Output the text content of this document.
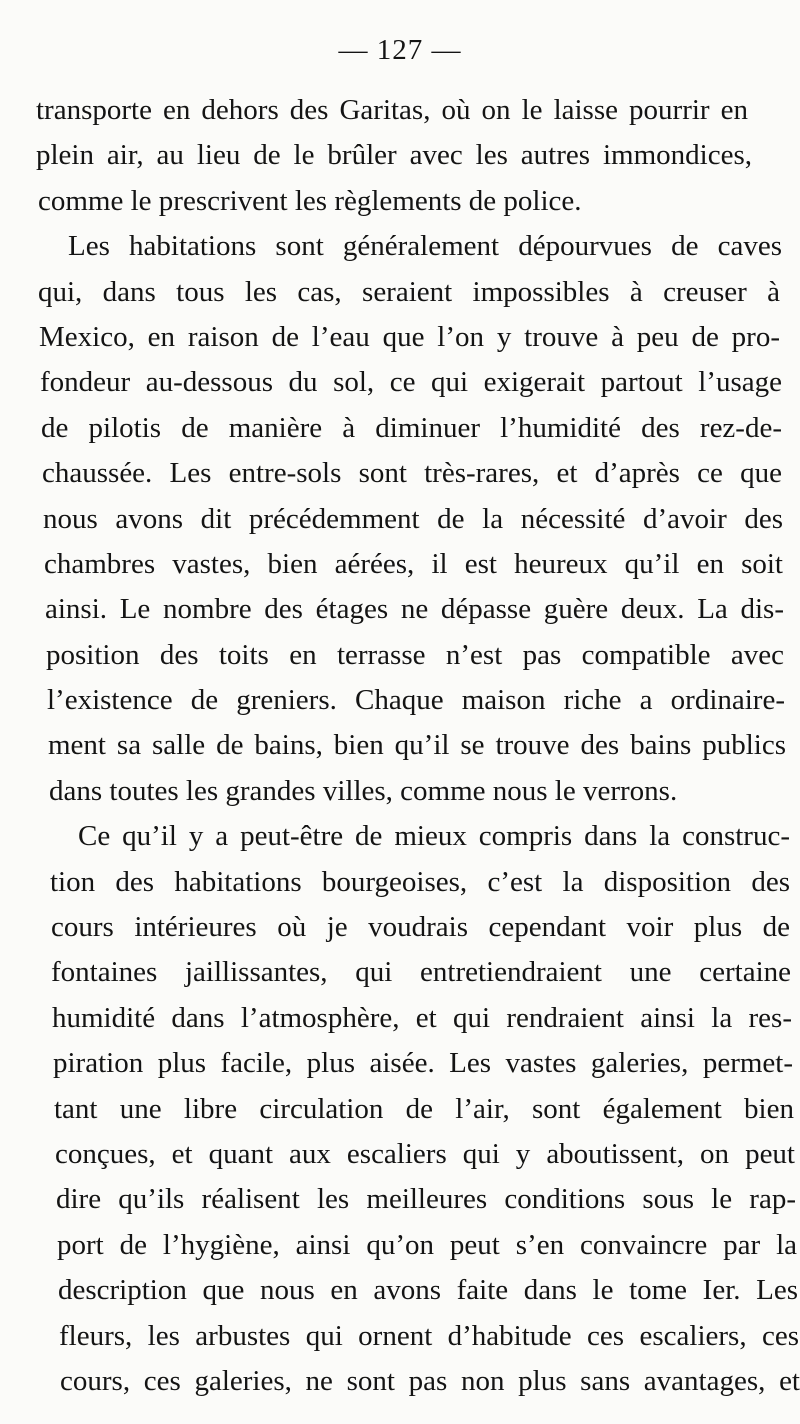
— 127 —
transporte en dehors des Garitas, où on le laisse pourrir en
plein air, au lieu de le brûler avec les autres immondices,
comme le prescrivent les règlements de police.
Les habitations sont généralement dépourvues de caves
qui, dans tous les cas, seraient impossibles à creuser à
Mexico, en raison de l’eau que l’on y trouve à peu de pro-
fondeur au-dessous du sol, ce qui exigerait partout l’usage
de pilotis de manière à diminuer l’humidité des rez-de-
chaussée. Les entre-sols sont très-rares, et d’après ce que
nous avons dit précédemment de la nécessité d’avoir des
chambres vastes, bien aérées, il est heureux qu’il en soit
ainsi. Le nombre des étages ne dépasse guère deux. La dis-
position des toits en terrasse n’est pas compatible avec
l’existence de greniers. Chaque maison riche a ordinaire-
ment sa salle de bains, bien qu’il se trouve des bains publics
dans toutes les grandes villes, comme nous le verrons.
Ce qu’il y a peut-être de mieux compris dans la construc-
tion des habitations bourgeoises, c’est la disposition des
cours intérieures où je voudrais cependant voir plus de
fontaines jaillissantes, qui entretiendraient une certaine
humidité dans l’atmosphère, et qui rendraient ainsi la res-
piration plus facile, plus aisée. Les vastes galeries, permet-
tant une libre circulation de l’air, sont également bien
conçues, et quant aux escaliers qui y aboutissent, on peut
dire qu’ils réalisent les meilleures conditions sous le rap-
port de l’hygiène, ainsi qu’on peut s’en convaincre par la
description que nous en avons faite dans le tome Ier. Les
fleurs, les arbustes qui ornent d’habitude ces escaliers, ces
cours, ces galeries, ne sont pas non plus sans avantages, et
